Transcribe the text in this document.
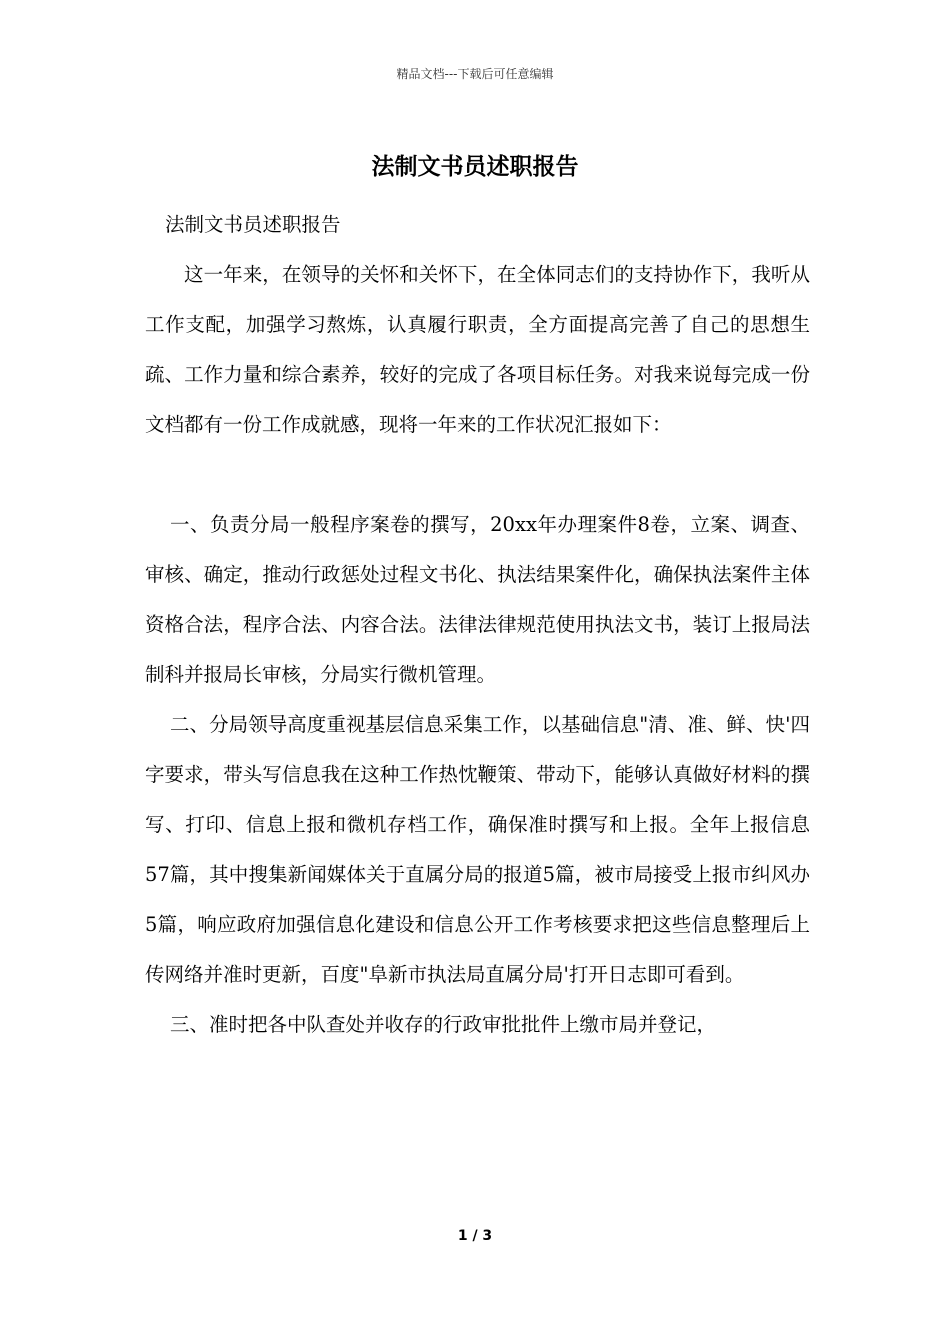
精品文档---下载后可任意编辑
法制文书员述职报告

法制文书员述职报告

这一年来，在领导的关怀和关怀下，在全体同志们的支持协作下，我听从工作支配，加强学习熬炼，认真履行职责，全方面提高完善了自己的思想生疏、工作力量和综合素养，较好的完成了各项目标任务。对我来说每完成一份文档都有一份工作成就感，现将一年来的工作状况汇报如下：

一、负责分局一般程序案卷的撰写，20xx年办理案件8卷，立案、调查、审核、确定，推动行政惩处过程文书化、执法结果案件化，确保执法案件主体资格合法，程序合法、内容合法。法律法律规范使用执法文书，装订上报局法制科并报局长审核，分局实行微机管理。

二、分局领导高度重视基层信息采集工作，以基础信息"清、准、鲜、快'四字要求，带头写信息我在这种工作热忱鞭策、带动下，能够认真做好材料的撰写、打印、信息上报和微机存档工作，确保准时撰写和上报。全年上报信息57篇，其中搜集新闻媒体关于直属分局的报道5篇，被市局接受上报市纠风办5篇，响应政府加强信息化建设和信息公开工作考核要求把这些信息整理后上传网络并准时更新，百度"阜新市执法局直属分局'打开日志即可看到。

三、准时把各中队查处并收存的行政审批批件上缴市局并登记，

1 / 3
